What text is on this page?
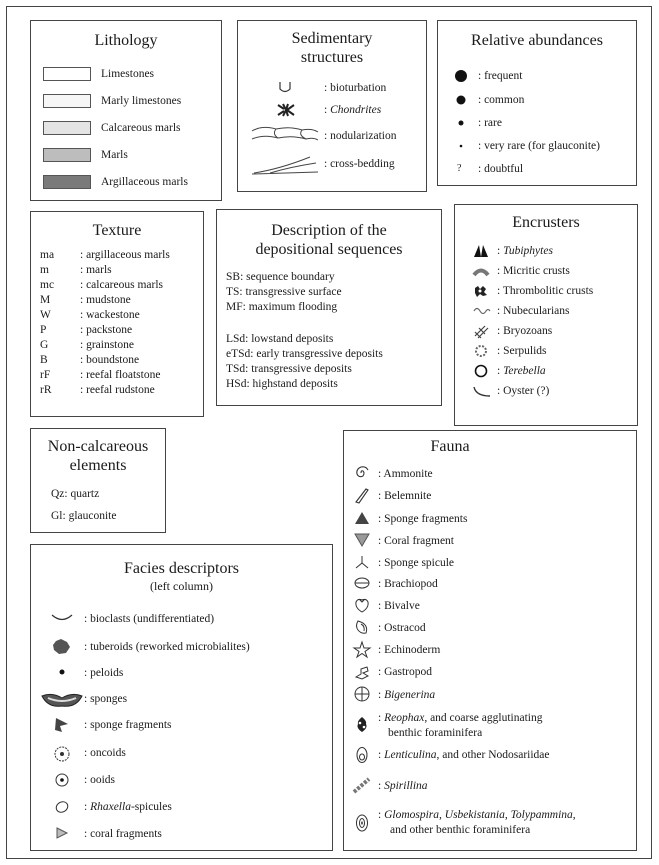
Lithology
Limestones
Marly limestones
Calcareous marls
Marls
Argillaceous marls
Sedimentary
structures
: bioturbation
: Chondrites
: nodularization
: cross-bedding
Relative abundances
: frequent
: common
: rare
: very rare (for glauconite)
? : doubtful
Texture	Description of the
depositional sequences
SB: sequence boundary
TS: transgressive surface
MF: maximum flooding
LSd: lowstand deposits
eTSd: early transgressive deposits
TSd: transgressive deposits
HSd: highstand deposits
Encrusters
Non-calcareous
elements
Qz: quartz
Gl: glauconite
Facies descriptors
(left column)
Fauna
ma : argillaceous marls
m	: marls
mc : calcareous marls
M	: mudstone
W	: wackestone
P	: packstone
G	: grainstone
B	: boundstone
rF	: reefal floatstone
rR : reefal rudstone
: Tubiphytes
: Micritic crusts
: Thrombolitic crusts
: Nubecularians
: Bryozoans
: Serpulids
: Terebella
: Oyster (?)
: bioclasts (undifferentiated)
: tuberoids (reworked microbialites)
: peloids
: sponges
: sponge fragments
: oncoids
: ooids
: Rhaxella-spicules
: coral fragments
: Ammonite
: Belemnite
: Sponge fragments
: Coral fragment
: Sponge spicule
: Brachiopod
: Bivalve
: Ostracod
: Echinoderm
: Gastropod
: Bigenerina
: Reophax, and coarse agglutinating
benthic foraminifera
: Lenticulina, and other Nodosariidae
: Spirillina
: Glomospira, Usbekistania, Tolypammina,
and other benthic foraminifera
